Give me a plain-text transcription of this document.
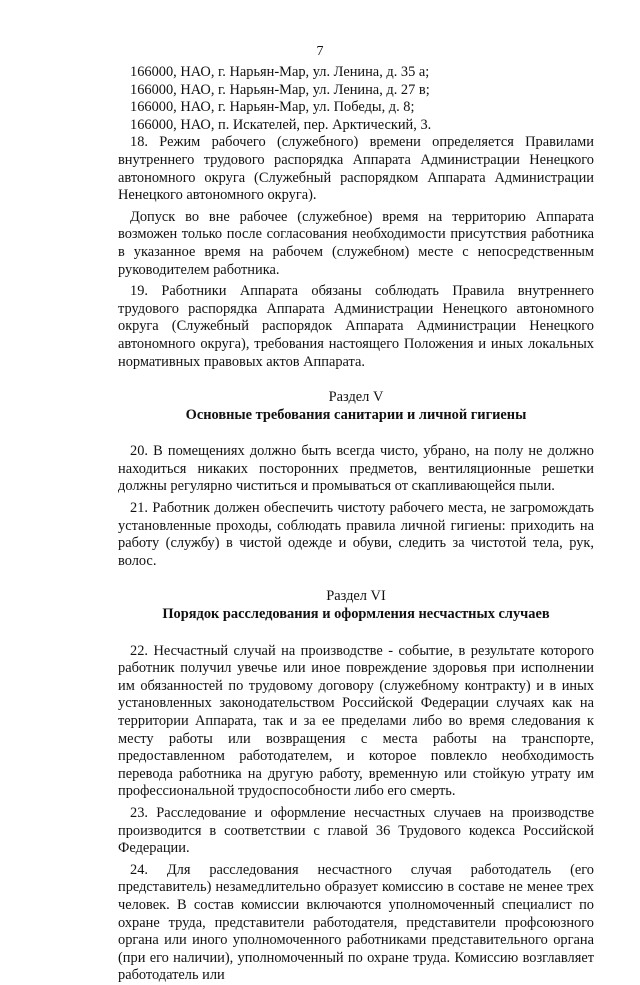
7

166000, НАО, г. Нарьян-Мар, ул. Ленина, д. 35 а;

166000, НАО, г. Нарьян-Мар, ул. Ленина, д. 27 в;

166000, НАО, г. Нарьян-Мар, ул. Победы, д. 8;

166000, НАО, п. Искателей, пер. Арктический, 3.

18. Режим рабочего (служебного) времени определяется Правилами внутреннего трудового распорядка Аппарата Администрации Ненецкого автономного округа (Служебный распорядком Аппарата Администрации Ненецкого автономного округа).

Допуск во вне рабочее (служебное) время на территорию Аппарата возможен только после согласования необходимости присутствия работника в указанное время на рабочем (служебном) месте с непосредственным руководителем работника.

19. Работники Аппарата обязаны соблюдать Правила внутреннего трудового распорядка Аппарата Администрации Ненецкого автономного округа (Служебный распорядок Аппарата Администрации Ненецкого автономного округа), требования настоящего Положения и иных локальных нормативных правовых актов Аппарата.

Раздел V

Основные требования санитарии и личной гигиены

20. В помещениях должно быть всегда чисто, убрано, на полу не должно находиться никаких посторонних предметов, вентиляционные решетки должны регулярно чиститься и промываться от скапливающейся пыли.

21. Работник должен обеспечить чистоту рабочего места, не загромождать установленные проходы, соблюдать правила личной гигиены: приходить на работу (службу) в чистой одежде и обуви, следить за чистотой тела, рук, волос.

Раздел VI

Порядок расследования и оформления несчастных случаев

22. Несчастный случай на производстве - событие, в результате которого работник получил увечье или иное повреждение здоровья при исполнении им обязанностей по трудовому договору (служебному контракту) и в иных установленных законодательством Российской Федерации случаях как на территории Аппарата, так и за ее пределами либо во время следования к месту работы или возвращения с места работы на транспорте, предоставленном работодателем, и которое повлекло необходимость перевода работника на другую работу, временную или стойкую утрату им профессиональной трудоспособности либо его смерть.

23. Расследование и оформление несчастных случаев на производстве производится в соответствии с главой 36 Трудового кодекса Российской Федерации.

24. Для расследования несчастного случая работодатель (его представитель) незамедлительно образует комиссию в составе не менее трех человек. В состав комиссии включаются уполномоченный специалист по охране труда, представители работодателя, представители профсоюзного органа или иного уполномоченного работниками представительного органа (при его наличии), уполномоченный по охране труда. Комиссию возглавляет работодатель или
